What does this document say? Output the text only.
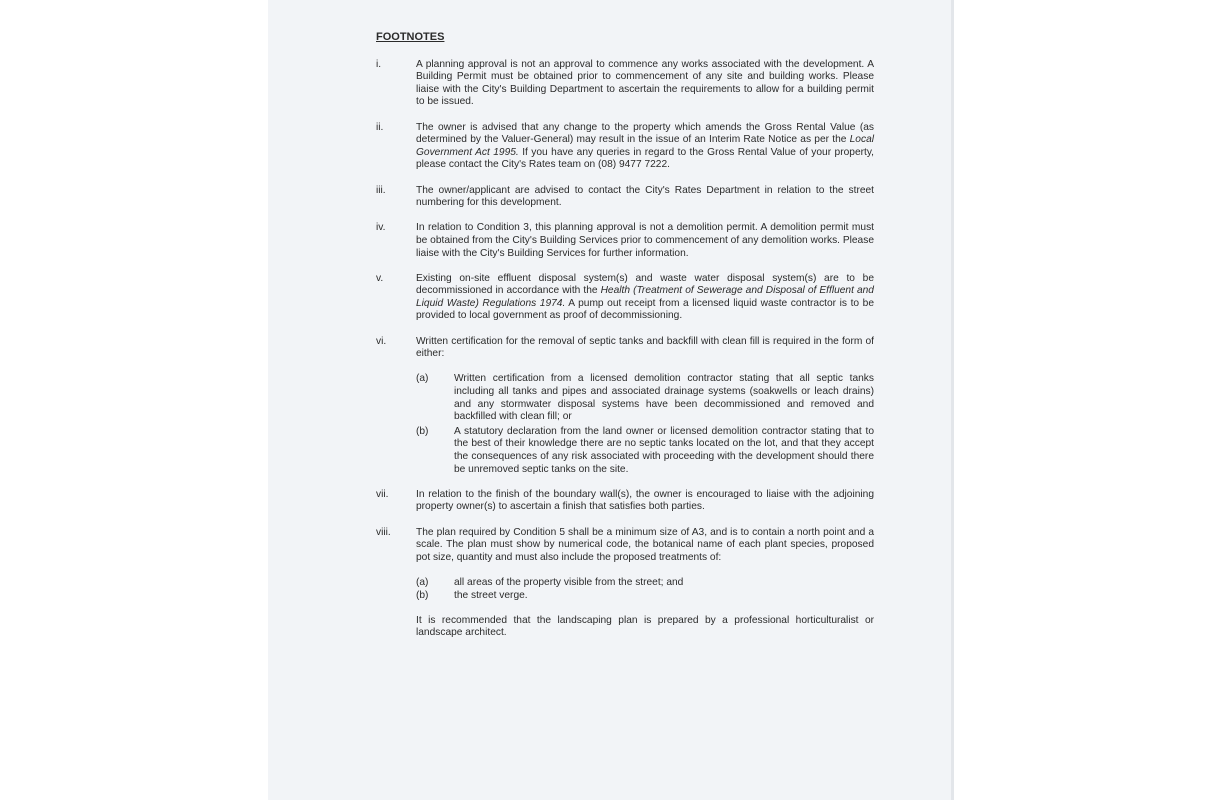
FOOTNOTES
i.	A planning approval is not an approval to commence any works associated with the development. A Building Permit must be obtained prior to commencement of any site and building works. Please liaise with the City's Building Department to ascertain the requirements to allow for a building permit to be issued.

ii.	The owner is advised that any change to the property which amends the Gross Rental Value (as determined by the Valuer-General) may result in the issue of an Interim Rate Notice as per the Local Government Act 1995. If you have any queries in regard to the Gross Rental Value of your property, please contact the City's Rates team on (08) 9477 7222.

iii.	The owner/applicant are advised to contact the City's Rates Department in relation to the street numbering for this development.

iv.	In relation to Condition 3, this planning approval is not a demolition permit. A demolition permit must be obtained from the City's Building Services prior to commencement of any demolition works. Please liaise with the City's Building Services for further information.

v.	Existing on-site effluent disposal system(s) and waste water disposal system(s) are to be decommissioned in accordance with the Health (Treatment of Sewerage and Disposal of Effluent and Liquid Waste) Regulations 1974. A pump out receipt from a licensed liquid waste contractor is to be provided to local government as proof of decommissioning.

vi.	Written certification for the removal of septic tanks and backfill with clean fill is required in the form of either:

(a)	Written certification from a licensed demolition contractor stating that all septic tanks including all tanks and pipes and associated drainage systems (soakwells or leach drains) and any stormwater disposal systems have been decommissioned and removed and backfilled with clean fill; or
(b)	A statutory declaration from the land owner or licensed demolition contractor stating that to the best of their knowledge there are no septic tanks located on the lot, and that they accept the consequences of any risk associated with proceeding with the development should there be unremoved septic tanks on the site.
vii.	In relation to the finish of the boundary wall(s), the owner is encouraged to liaise with the adjoining property owner(s) to ascertain a finish that satisfies both parties.

viii.	The plan required by Condition 5 shall be a minimum size of A3, and is to contain a north point and a scale. The plan must show by numerical code, the botanical name of each plant species, proposed pot size, quantity and must also include the proposed treatments of:

(a)	all areas of the property visible from the street; and
(b)	the street verge.

It is recommended that the landscaping plan is prepared by a professional horticulturalist or landscape architect.
